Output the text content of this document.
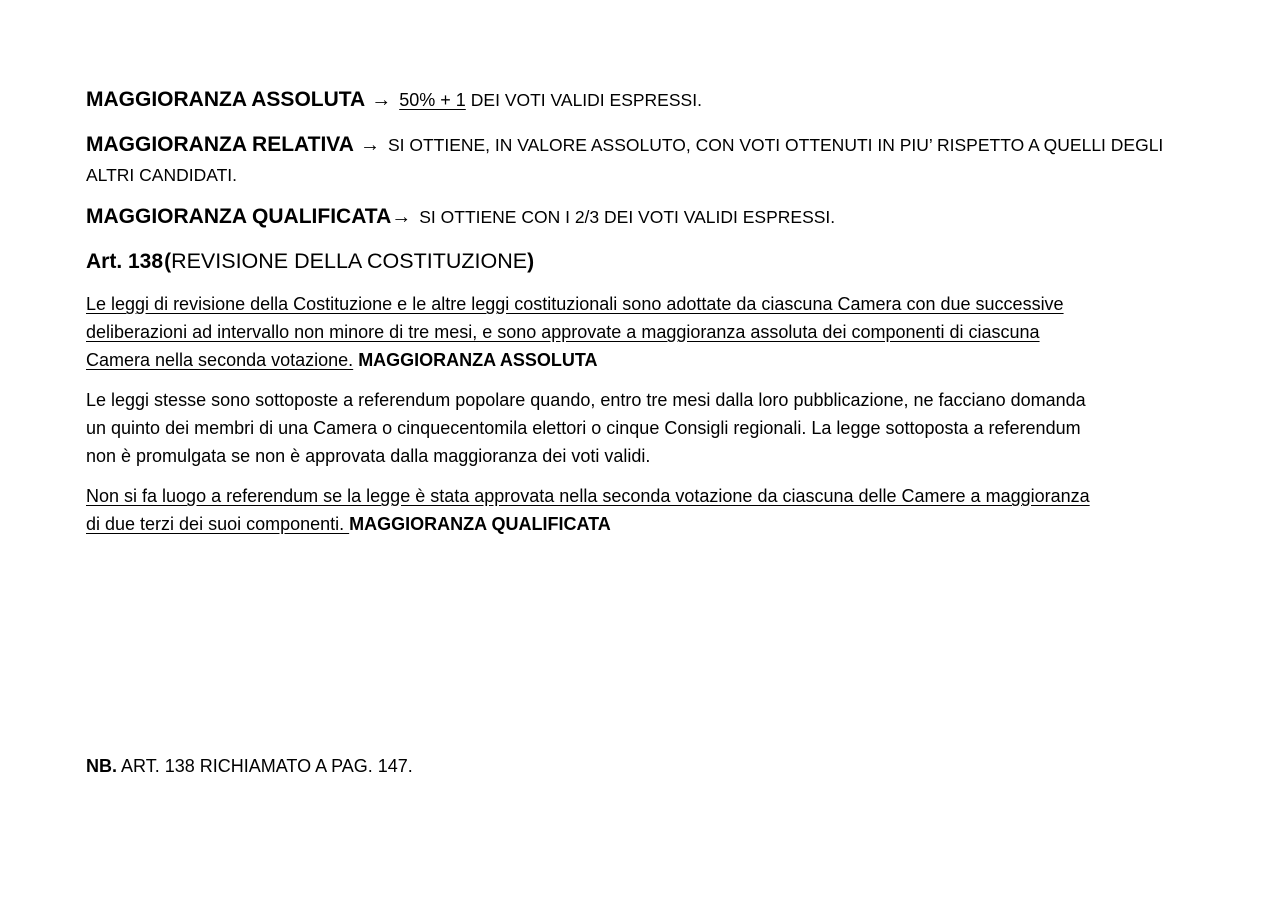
MAGGIORANZA ASSOLUTA → 50% + 1 DEI VOTI VALIDI ESPRESSI.
MAGGIORANZA RELATIVA → SI OTTIENE, IN VALORE ASSOLUTO, CON VOTI OTTENUTI IN PIU’ RISPETTO A QUELLI DEGLI
ALTRI CANDIDATI.
MAGGIORANZA QUALIFICATA→ SI OTTIENE CON I 2/3 DEI VOTI VALIDI ESPRESSI.
Art. 138 (REVISIONE DELLA COSTITUZIONE)
Le leggi di revisione della Costituzione e le altre leggi costituzionali sono adottate da ciascuna Camera con due successive
deliberazioni ad intervallo non minore di tre mesi, e sono approvate a maggioranza assoluta dei componenti di ciascuna
Camera nella seconda votazione. MAGGIORANZA ASSOLUTA
Le leggi stesse sono sottoposte a referendum popolare quando, entro tre mesi dalla loro pubblicazione, ne facciano domanda
un quinto dei membri di una Camera o cinquecentomila elettori o cinque Consigli regionali. La legge sottoposta a referendum
non è promulgata se non è approvata dalla maggioranza dei voti validi.
Non si fa luogo a referendum se la legge è stata approvata nella seconda votazione da ciascuna delle Camere a maggioranza
di due terzi dei suoi componenti. MAGGIORANZA QUALIFICATA
NB. ART. 138 RICHIAMATO A PAG. 147.
